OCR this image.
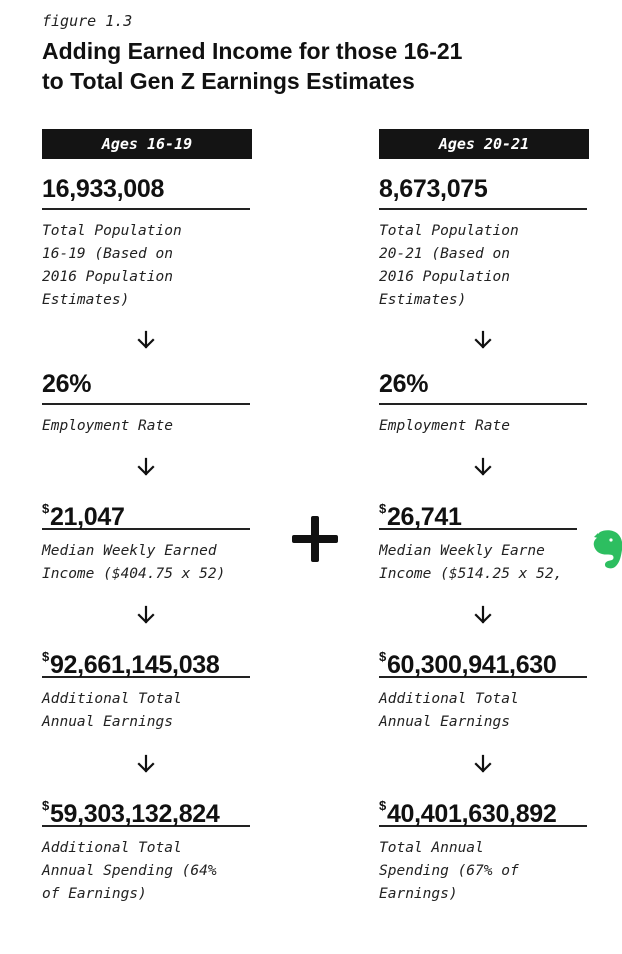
figure 1.3
Adding Earned Income for those 16-21
to Total Gen Z Earnings Estimates
Ages 16-19
16,933,008
Total Population
16-19 (Based on
2016 Population
Estimates)
26%
Employment Rate
$21,047
Median Weekly Earned
Income ($404.75 x 52)
$92,661,145,038
Additional Total
Annual Earnings
$59,303,132,824
Additional Total
Annual Spending (64%
of Earnings)
Ages 20-21
8,673,075
Total Population
20-21 (Based on
2016 Population
Estimates)
26%
Employment Rate
$26,741
Median Weekly Earne
Income ($514.25 x 52,
$60,300,941,630
Additional Total
Annual Earnings
$40,401,630,892
Total Annual
Spending (67% of
Earnings)
